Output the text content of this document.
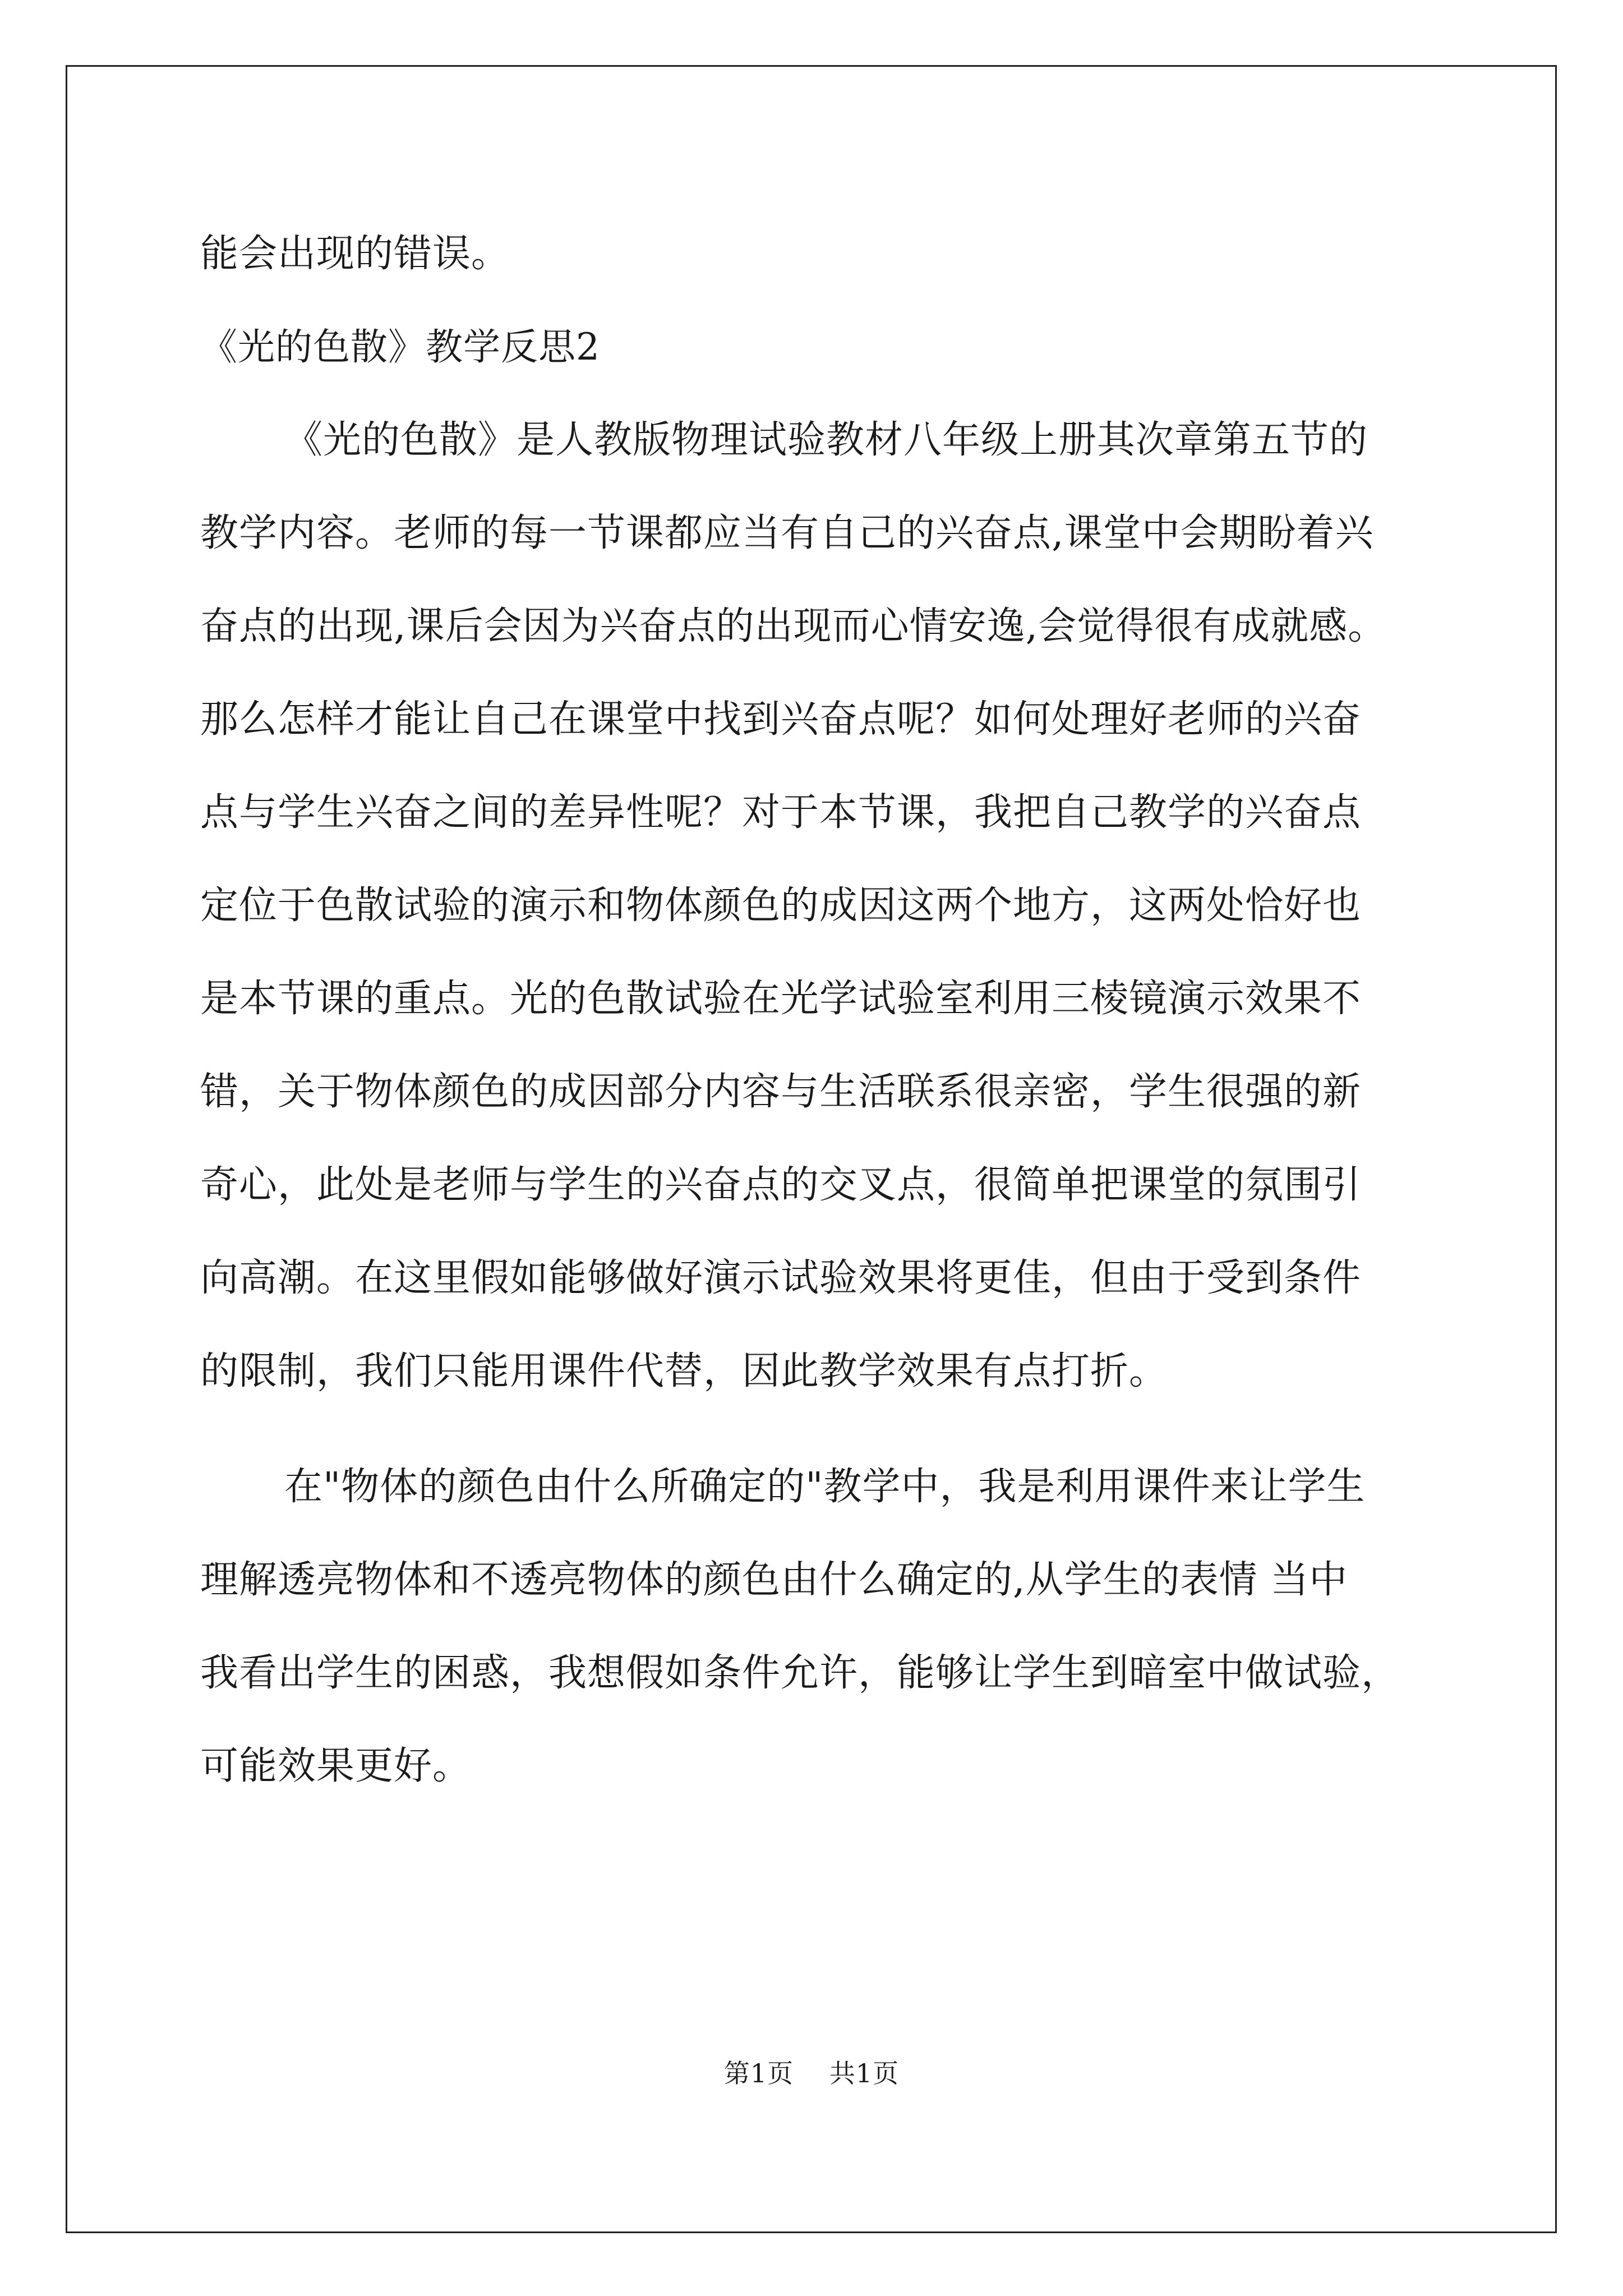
能会出现的错误。
《光的色散》教学反思2
《光的色散》是人教版物理试验教材八年级上册其次章第五节的
教学内容。老师的每一节课都应当有自己的兴奋点,课堂中会期盼着兴
奋点的出现,课后会因为兴奋点的出现而心情安逸,会觉得很有成就感。
那么怎样才能让自己在课堂中找到兴奋点呢？如何处理好老师的兴奋
点与学生兴奋之间的差异性呢？对于本节课，我把自己教学的兴奋点
定位于色散试验的演示和物体颜色的成因这两个地方，这两处恰好也
是本节课的重点。光的色散试验在光学试验室利用三棱镜演示效果不
错，关于物体颜色的成因部分内容与生活联系很亲密，学生很强的新
奇心，此处是老师与学生的兴奋点的交叉点，很简单把课堂的氛围引
向高潮。在这里假如能够做好演示试验效果将更佳，但由于受到条件
的限制，我们只能用课件代替，因此教学效果有点打折。
在"物体的颜色由什么所确定的"教学中，我是利用课件来让学生
理解透亮物体和不透亮物体的颜色由什么确定的,从学生的表情 当中
我看出学生的困惑，我想假如条件允许，能够让学生到暗室中做试验，
可能效果更好。
第1页 共1页
